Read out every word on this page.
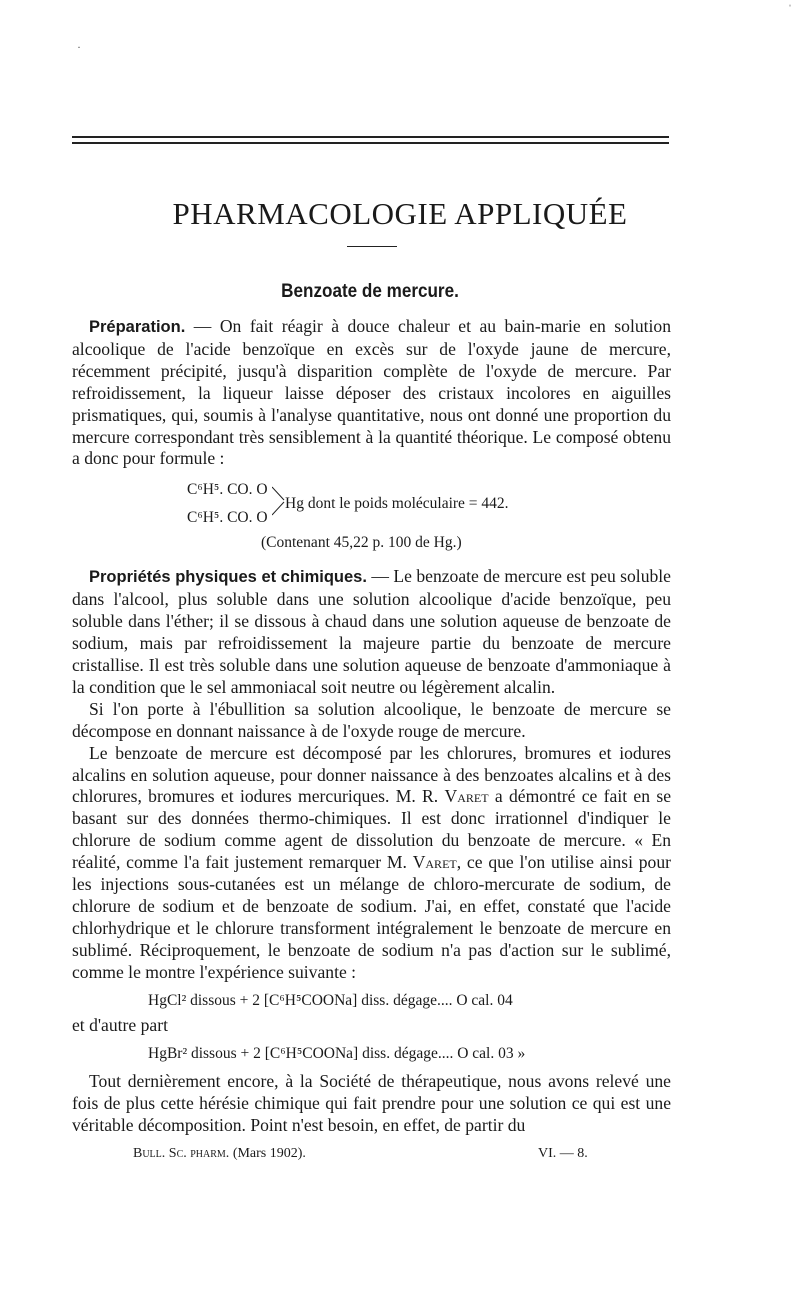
PHARMACOLOGIE APPLIQUÉE
Benzoate de mercure.

Préparation. — On fait réagir à douce chaleur et au bain-marie en solution alcoolique de l'acide benzoïque en excès sur de l'oxyde jaune de mercure, récemment précipité, jusqu'à disparition complète de l'oxyde de mercure. Par refroidissement, la liqueur laisse déposer des cristaux incolores en aiguilles prismatiques, qui, soumis à l'analyse quantitative, nous ont donné une proportion du mercure correspondant très sensiblement à la quantité théorique. Le composé obtenu a donc pour formule :

C⁶H⁵. CO. O
C⁶H⁵. CO. O
Hg dont le poids moléculaire = 442.
(Contenant 45,22 p. 100 de Hg.)

Propriétés physiques et chimiques. — Le benzoate de mercure est peu soluble dans l'alcool, plus soluble dans une solution alcoolique d'acide benzoïque, peu soluble dans l'éther; il se dissous à chaud dans une solution aqueuse de benzoate de sodium, mais par refroidissement la majeure partie du benzoate de mercure cristallise. Il est très soluble dans une solution aqueuse de benzoate d'ammoniaque à la condition que le sel ammoniacal soit neutre ou légèrement alcalin.

Si l'on porte à l'ébullition sa solution alcoolique, le benzoate de mercure se décompose en donnant naissance à de l'oxyde rouge de mercure.

Le benzoate de mercure est décomposé par les chlorures, bromures et iodures alcalins en solution aqueuse, pour donner naissance à des benzoates alcalins et à des chlorures, bromures et iodures mercuriques. M. R. Varet a démontré ce fait en se basant sur des données thermo-chimiques. Il est donc irrationnel d'indiquer le chlorure de sodium comme agent de dissolution du benzoate de mercure. « En réalité, comme l'a fait justement remarquer M. Varet, ce que l'on utilise ainsi pour les injections sous-cutanées est un mélange de chloro-mercurate de sodium, de chlorure de sodium et de benzoate de sodium. J'ai, en effet, constaté que l'acide chlorhydrique et le chlorure transforment intégralement le benzoate de mercure en sublimé. Réciproquement, le benzoate de sodium n'a pas d'action sur le sublimé, comme le montre l'expérience suivante :

HgCl² dissous + 2 [C⁶H⁵COONa] diss. dégage.... O cal. 04
et d'autre part
HgBr² dissous + 2 [C⁶H⁵COONa] diss. dégage.... O cal. 03 »

Tout dernièrement encore, à la Société de thérapeutique, nous avons relevé une fois de plus cette hérésie chimique qui fait prendre pour une solution ce qui est une véritable décomposition. Point n'est besoin, en effet, de partir du

Bull. Sc. pharm. (Mars 1902).	VI. — 8.
·
ˈ
